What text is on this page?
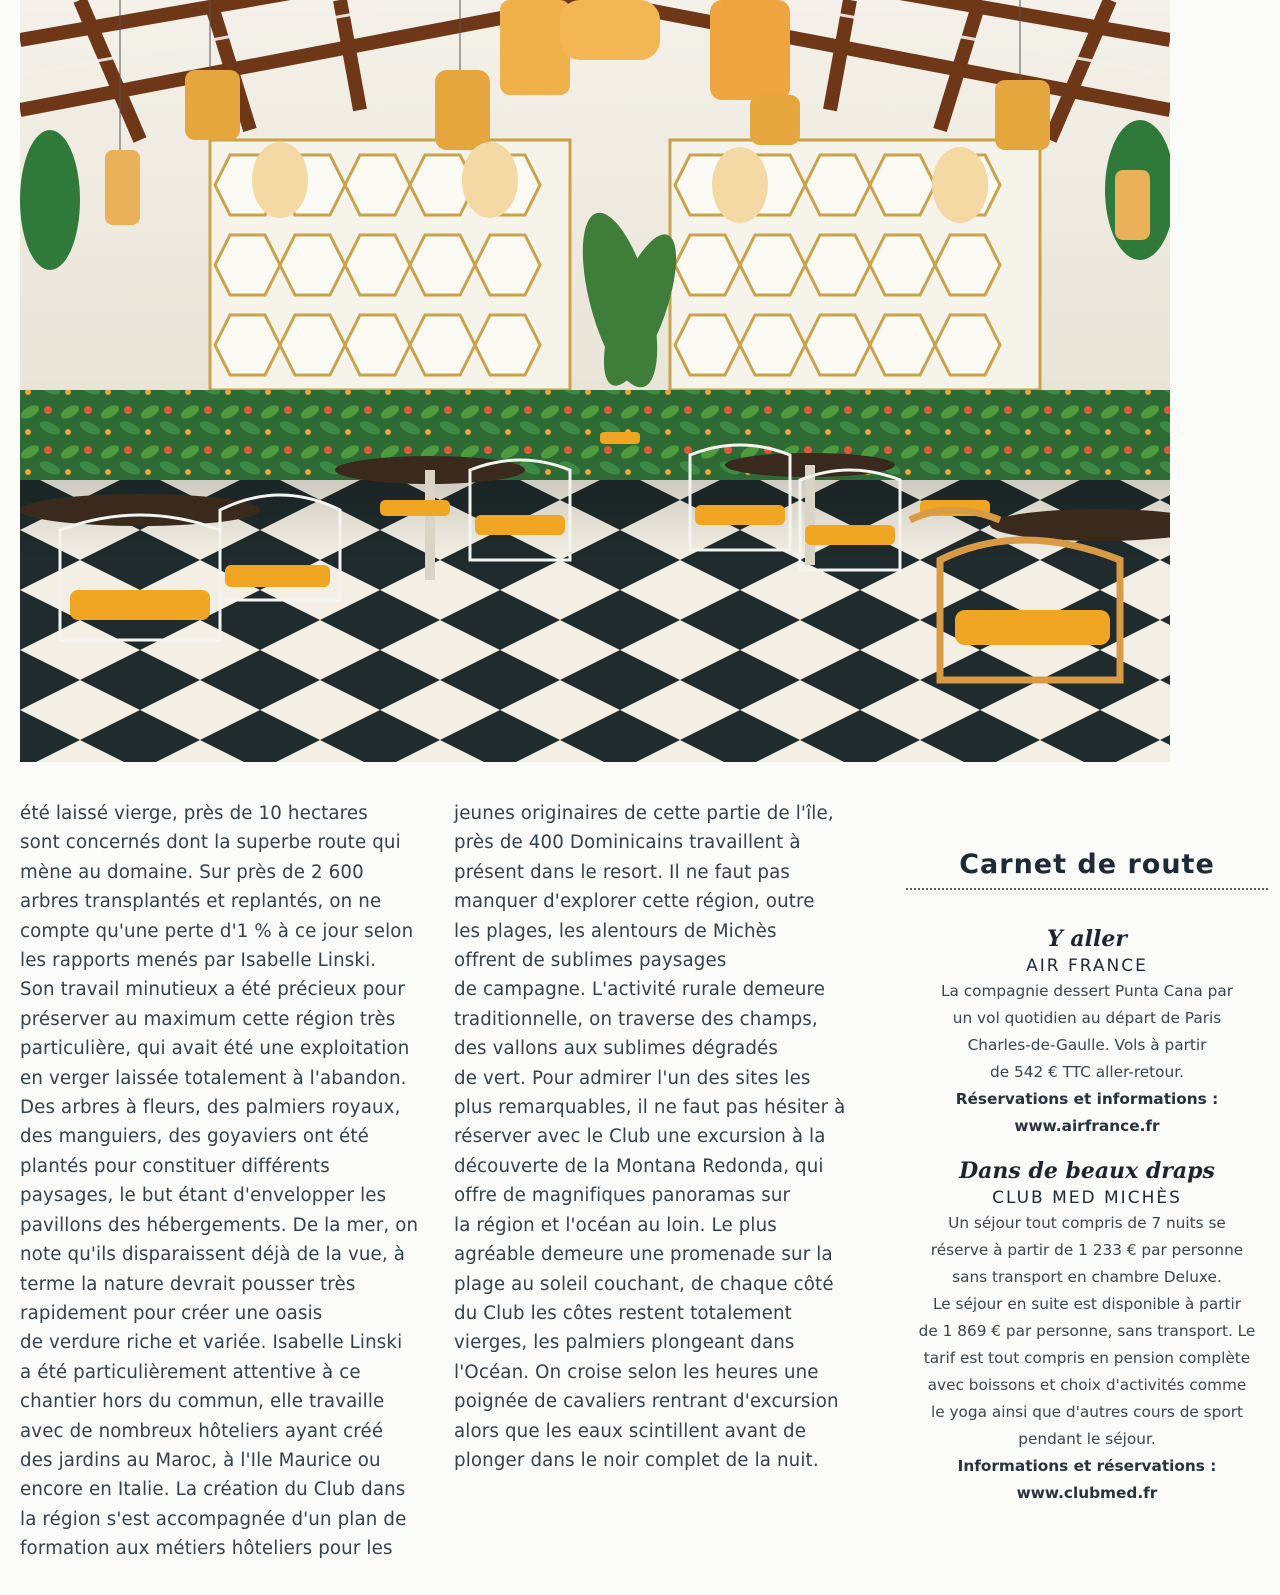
été laissé vierge, près de 10 hectares
sont concernés dont la superbe route qui
mène au domaine. Sur près de 2 600
arbres transplantés et replantés, on ne
compte qu'une perte d'1 % à ce jour selon
les rapports menés par Isabelle Linski.
Son travail minutieux a été précieux pour
préserver au maximum cette région très
particulière, qui avait été une exploitation
en verger laissée totalement à l'abandon.
Des arbres à fleurs, des palmiers royaux,
des manguiers, des goyaviers ont été
plantés pour constituer différents
paysages, le but étant d'envelopper les
pavillons des hébergements. De la mer, on
note qu'ils disparaissent déjà de la vue, à
terme la nature devrait pousser très
rapidement pour créer une oasis
de verdure riche et variée. Isabelle Linski
a été particulièrement attentive à ce
chantier hors du commun, elle travaille
avec de nombreux hôteliers ayant créé
des jardins au Maroc, à l'Ile Maurice ou
encore en Italie. La création du Club dans
la région s'est accompagnée d'un plan de
formation aux métiers hôteliers pour les
jeunes originaires de cette partie de l'île,
près de 400 Dominicains travaillent à
présent dans le resort. Il ne faut pas
manquer d'explorer cette région, outre
les plages, les alentours de Michès
offrent de sublimes paysages
de campagne. L'activité rurale demeure
traditionnelle, on traverse des champs,
des vallons aux sublimes dégradés
de vert. Pour admirer l'un des sites les
plus remarquables, il ne faut pas hésiter à
réserver avec le Club une excursion à la
découverte de la Montana Redonda, qui
offre de magnifiques panoramas sur
la région et l'océan au loin. Le plus
agréable demeure une promenade sur la
plage au soleil couchant, de chaque côté
du Club les côtes restent totalement
vierges, les palmiers plongeant dans
l'Océan. On croise selon les heures une
poignée de cavaliers rentrant d'excursion
alors que les eaux scintillent avant de
plonger dans le noir complet de la nuit.
Carnet de route
Y aller
AIR FRANCE
La compagnie dessert Punta Cana par
un vol quotidien au départ de Paris
Charles-de-Gaulle. Vols à partir
de 542 € TTC aller-retour.
Réservations et informations :
www.airfrance.fr
Dans de beaux draps
CLUB MED MICHÈS
Un séjour tout compris de 7 nuits se
réserve à partir de 1 233 € par personne
sans transport en chambre Deluxe.
Le séjour en suite est disponible à partir
de 1 869 € par personne, sans transport. Le
tarif est tout compris en pension complète
avec boissons et choix d'activités comme
le yoga ainsi que d'autres cours de sport
pendant le séjour.
Informations et réservations :
www.clubmed.fr
